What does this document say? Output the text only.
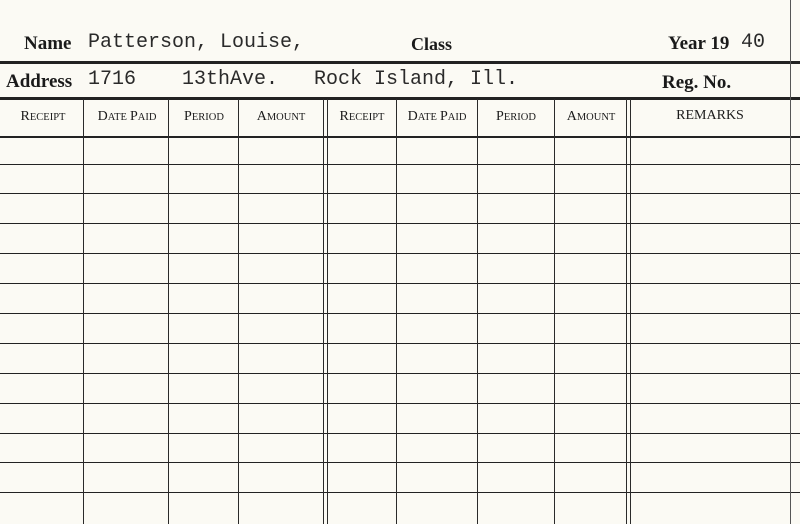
Name Patterson, Louise,	Class	Year 19 40
Address 1716 13thAve. Rock Island, Ill.	Reg. No.
RECEIPT	DATE PAID	PERIOD	AMOUNT	RECEIPT	DATE PAID	PERIOD	AMOUNT	REMARKS
